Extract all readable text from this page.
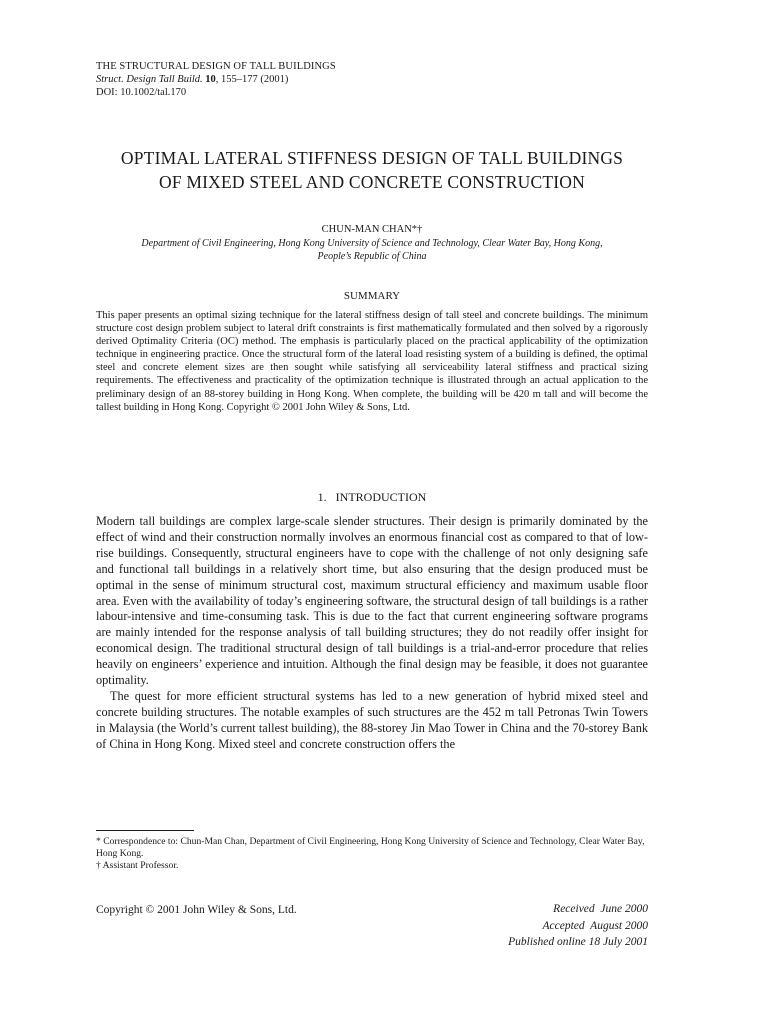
THE STRUCTURAL DESIGN OF TALL BUILDINGS
Struct. Design Tall Build. 10, 155–177 (2001)
DOI: 10.1002/tal.170
OPTIMAL LATERAL STIFFNESS DESIGN OF TALL BUILDINGS
OF MIXED STEEL AND CONCRETE CONSTRUCTION
CHUN-MAN CHAN*†
Department of Civil Engineering, Hong Kong University of Science and Technology, Clear Water Bay, Hong Kong,
People’s Republic of China
SUMMARY
This paper presents an optimal sizing technique for the lateral stiffness design of tall steel and concrete buildings. The minimum structure cost design problem subject to lateral drift constraints is first mathematically formulated and then solved by a rigorously derived Optimality Criteria (OC) method. The emphasis is particularly placed on the practical applicability of the optimization technique in engineering practice. Once the structural form of the lateral load resisting system of a building is defined, the optimal steel and concrete element sizes are then sought while satisfying all serviceability lateral stiffness and practical sizing requirements. The effectiveness and practicality of the optimization technique is illustrated through an actual application to the preliminary design of an 88-storey building in Hong Kong. When complete, the building will be 420 m tall and will become the tallest building in Hong Kong. Copyright © 2001 John Wiley & Sons, Ltd.
1.   INTRODUCTION

Modern tall buildings are complex large-scale slender structures. Their design is primarily dominated by the effect of wind and their construction normally involves an enormous financial cost as compared to that of low-rise buildings. Consequently, structural engineers have to cope with the challenge of not only designing safe and functional tall buildings in a relatively short time, but also ensuring that the design produced must be optimal in the sense of minimum structural cost, maximum structural efficiency and maximum usable floor area. Even with the availability of today’s engineering software, the structural design of tall buildings is a rather labour-intensive and time-consuming task. This is due to the fact that current engineering software programs are mainly intended for the response analysis of tall building structures; they do not readily offer insight for economical design. The traditional structural design of tall buildings is a trial-and-error procedure that relies heavily on engineers’ experience and intuition. Although the final design may be feasible, it does not guarantee optimality.

The quest for more efficient structural systems has led to a new generation of hybrid mixed steel and concrete building structures. The notable examples of such structures are the 452 m tall Petronas Twin Towers in Malaysia (the World’s current tallest building), the 88-storey Jin Mao Tower in China and the 70-storey Bank of China in Hong Kong. Mixed steel and concrete construction offers the

* Correspondence to: Chun-Man Chan, Department of Civil Engineering, Hong Kong University of Science and Technology, Clear Water Bay, Hong Kong.
† Assistant Professor.
Copyright © 2001 John Wiley & Sons, Ltd.	Received  June 2000
Accepted  August 2000
Published online 18 July 2001
